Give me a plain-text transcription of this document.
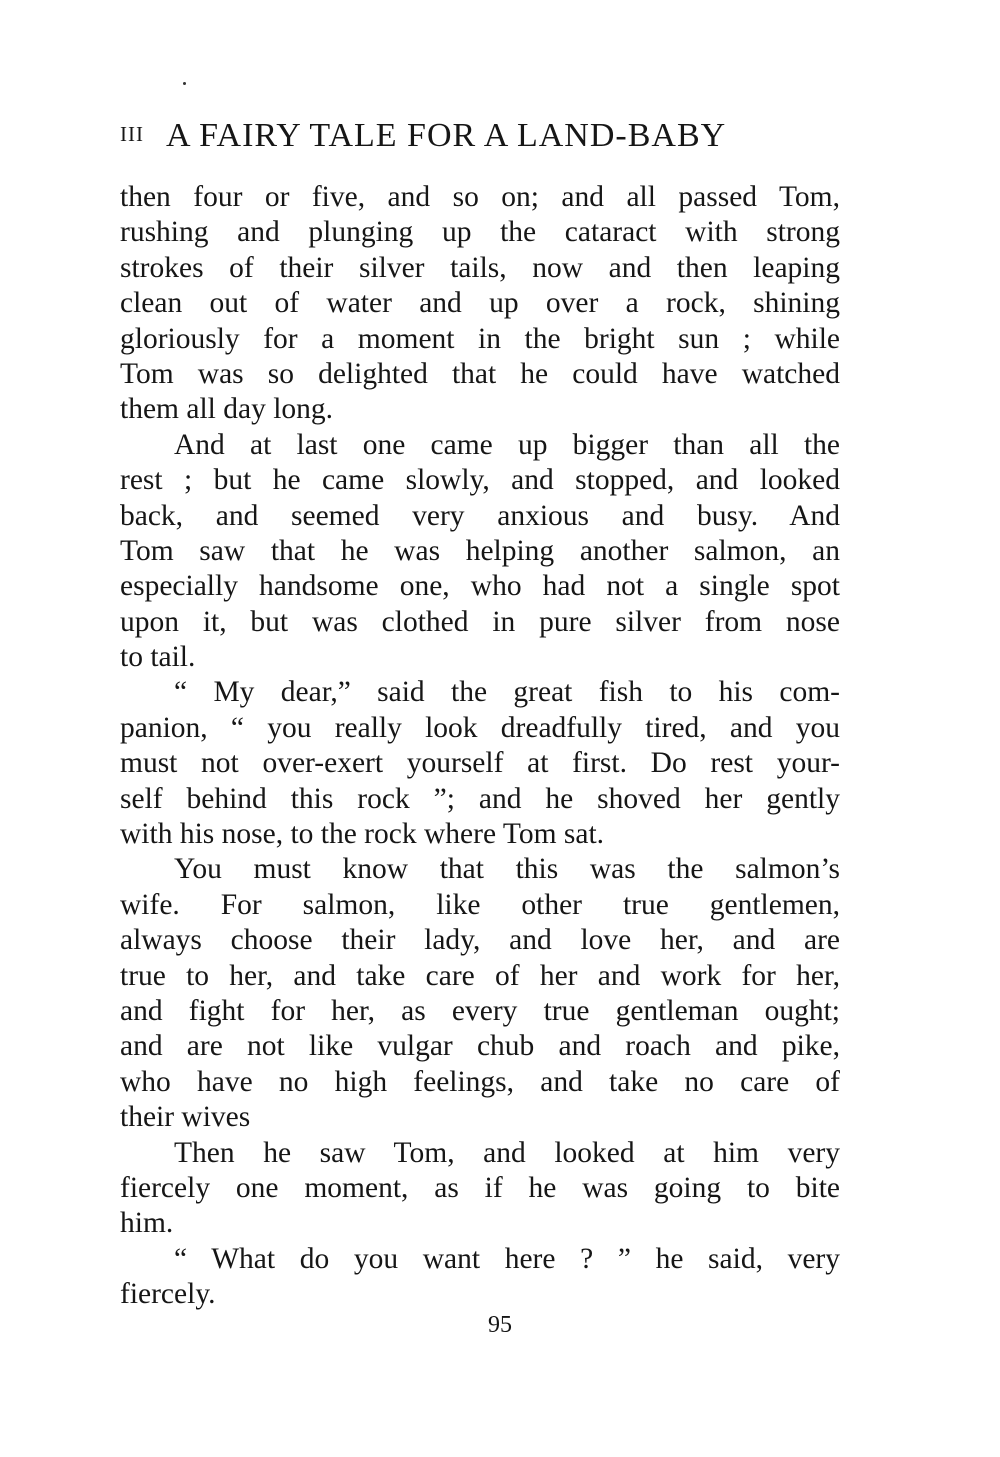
III A FAIRY TALE FOR A LAND-BABY
then four or five, and so on; and all passed Tom,
rushing and plunging up the cataract with strong
strokes of their silver tails, now and then leaping
clean out of water and up over a rock, shining
gloriously for a moment in the bright sun ; while
Tom was so delighted that he could have watched
them all day long.
And at last one came up bigger than all the
rest ; but he came slowly, and stopped, and looked
back, and seemed very anxious and busy. And
Tom saw that he was helping another salmon, an
especially handsome one, who had not a single spot
upon it, but was clothed in pure silver from nose
to tail.
“ My dear,” said the great fish to his com-
panion, “ you really look dreadfully tired, and you
must not over-exert yourself at first. Do rest your-
self behind this rock ”; and he shoved her gently
with his nose, to the rock where Tom sat.
You must know that this was the salmon’s
wife. For salmon, like other true gentlemen,
always choose their lady, and love her, and are
true to her, and take care of her and work for her,
and fight for her, as every true gentleman ought;
and are not like vulgar chub and roach and pike,
who have no high feelings, and take no care of
their wives
Then he saw Tom, and looked at him very
fiercely one moment, as if he was going to bite
him.
“ What do you want here ? ” he said, very
fiercely.
95
